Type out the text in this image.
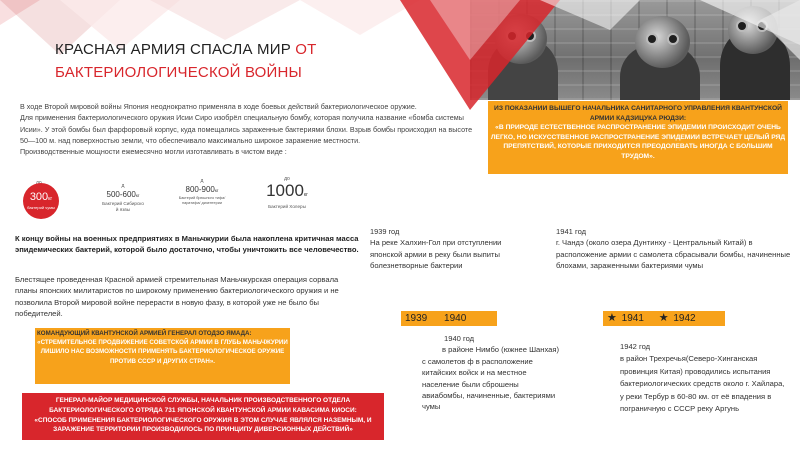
КРАСНАЯ АРМИЯ СПАСЛА МИР ОТ
БАКТЕРИОЛОГИЧЕСКОЙ ВОЙНЫ

В ходе Второй мировой войны Япония неоднократно применяла в ходе боевых действий бактериологическое оружие.

Для применения бактериологического оружия Исии Сиро изобрёл специальную бомбу, которая получила название «бомба системы Исии». У этой бомбы был фарфоровый корпус, куда помещались зараженные бактериями блохи. Взрыв бомбы происходил на высоте 50—100 м. над поверхностью земли, что обеспечивало максимально широкое заражение местности.

Производственные мощности ежемесячно могли изготавливать в чистом виде :

300кг
бактерий чумы
д
500-600кг
Бактерий Сибирско й язвы
д
800-900кг
Бактерий брюшного тифа/ паратифа/ дизентерии
до
1000кг
Бактерий Холеры
К концу войны на военных предприятиях в Маньчжурии была накоплена критичная масса эпидемических бактерий, которой было достаточно, чтобы уничтожить все человечество.
Блестящее проведенная Красной армией стремительная Маньчжурская операция сорвала планы японских милитаристов по широкому применению бактериологического оружия и не позволила Второй мировой войне перерасти в новую фазу, в которой уже не было бы победителей.
ИЗ ПОКАЗАНИИ ВЫШЕГО НАЧАЛЬНИКА САНИТАРНОГО УПРАВЛЕНИЯ КВАНТУНСКОЙ АРМИИ КАДЗИЦУКА РЮДЗИ:
«В ПРИРОДЕ ЕСТЕСТВЕННОЕ РАСПРОСТРАНЕНИЕ ЭПИДЕМИИ ПРОИСХОДИТ ОЧЕНЬ ЛЕГКО, НО ИСКУССТВЕННОЕ РАСПРОСТРАНЕНИЕ ЭПИДЕМИИ ВСТРЕЧАЕТ ЦЕЛЫЙ РЯД ПРЕПЯТСТВИЙ, КОТОРЫЕ ПРИХОДИТСЯ ПРЕОДОЛЕВАТЬ ИНОГДА С БОЛЬШИМ ТРУДОМ».
КОМАНДУЮЩИЙ КВАНТУНСКОЙ АРМИЕЙ ГЕНЕРАЛ ОТОДЗО ЯМАДА:
«СТРЕМИТЕЛЬНОЕ ПРОДВИЖЕНИЕ СОВЕТСКОЙ АРМИИ В ГЛУБЬ МАНЬЧЖУРИИ ЛИШИЛО НАС ВОЗМОЖНОСТИ ПРИМЕНЯТЬ БАКТЕРИОЛОГИЧЕСКОЕ ОРУЖИЕ ПРОТИВ СССР И ДРУГИХ СТРАН».
ГЕНЕРАЛ-МАЙОР МЕДИЦИНСКОЙ СЛУЖБЫ, НАЧАЛЬНИК ПРОИЗВОДСТВЕННОГО ОТДЕЛА БАКТЕРИОЛОГИЧЕСКОГО ОТРЯДА 731 ЯПОНСКОЙ КВАНТУНСКОЙ АРМИИ КАВАСИМА КИОСИ:
«СПОСОБ ПРИМЕНЕНИЯ БАКТЕРИОЛОГИЧЕСКОГО ОРУЖИЯ В ЭТОМ СЛУЧАЕ ЯВЛЯЛСЯ НАЗЕМНЫМ, И ЗАРАЖЕНИЕ ТЕРРИТОРИИ ПРОИЗВОДИЛОСЬ ПО ПРИНЦИПУ ДИВЕРСИОННЫХ ДЕЙСТВИЙ»
1939 год
На реке Халхин-Гол при отступлении японской армии в реку были выпиты болезнетворные бактерии
1939 1940
1940 год
в районе Нимбо (южнее Шанхая) с самолетов ф в расположение китайских войск и на местное население были сброшены авиабомбы, начиненные, бактериями чумы
1941 год
г. Чандэ (около озера Дунтинху - Центральный Китай) в расположение армии с самолета сбрасывали бомбы, начиненные блохами, зараженными бактериями чумы
★ 1941 ★ 1942
1942 год
в район Трехречья(Северо-Хинганская провинция Китая) проводились испытания бактериологических средств около г. Хайлара, у реки Тербур в 60-80 км. от её впадения в пограничную с СССР реку Аргунь
